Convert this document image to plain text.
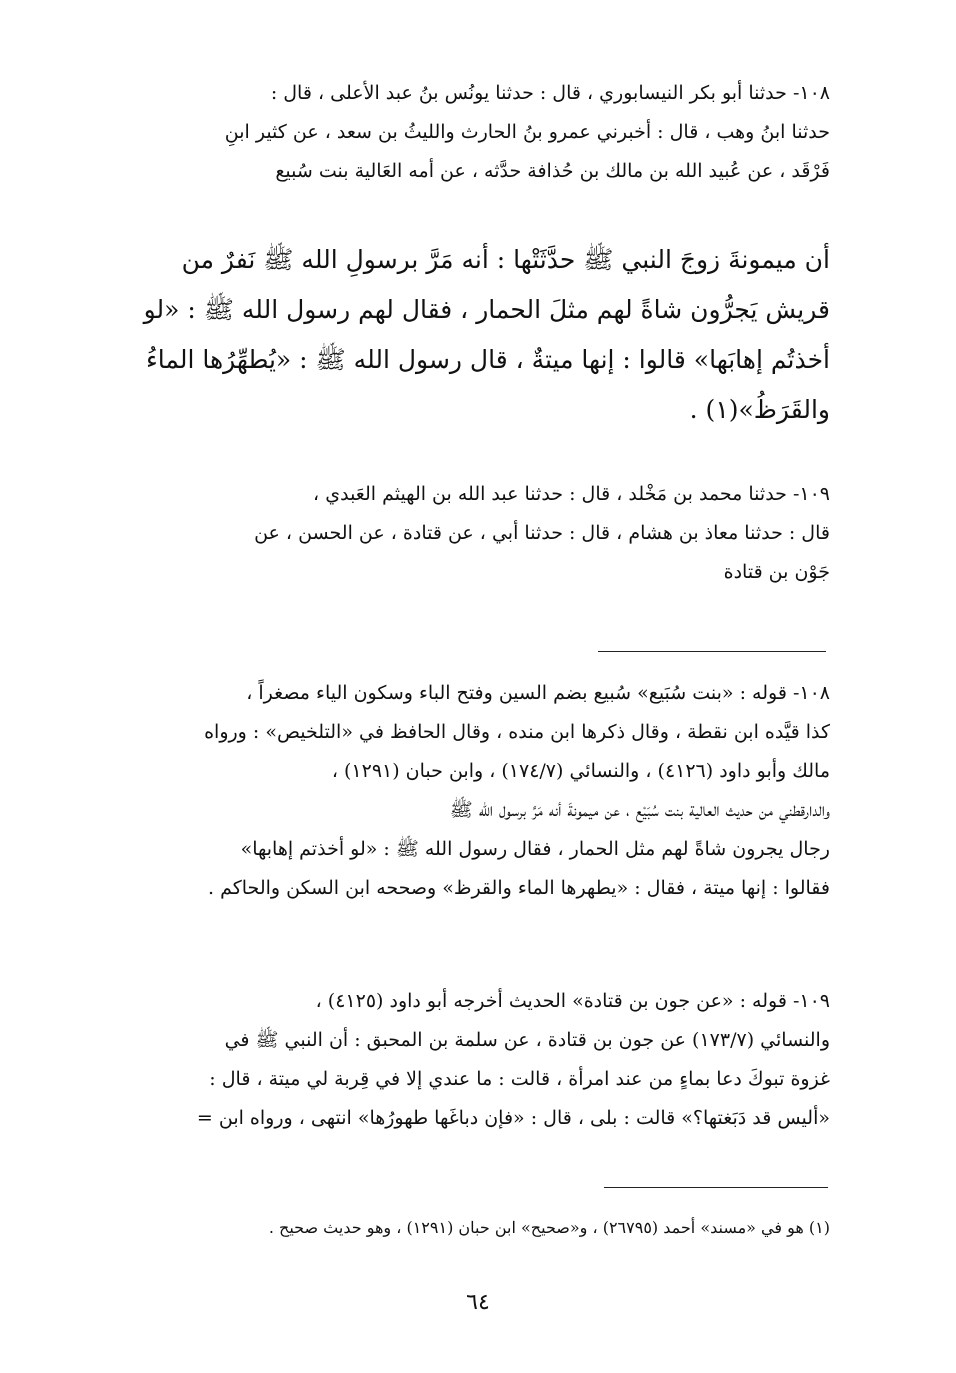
١٠٨- حدثنا أبو بكر النيسابوري ، قال : حدثنا يونُس بنُ عبد الأعلى ، قال :
حدثنا ابنُ وهب ، قال : أخبرني عمرو بنُ الحارث والليثُ بن سعد ، عن كثير ابنِ
فَرْقَد ، عن عُبيد الله بن مالك بن حُذافة حدَّثه ، عن أمه العَالية بنت سُبيع
أن ميمونةَ زوجَ النبي ﷺ حدَّثَتْها : أنه مَرَّ برسولِ الله ﷺ نَفرٌ من
قريش يَجرُّون شاةً لهم مثلَ الحمار ، فقال لهم رسول الله ﷺ : «لو
أخذتُم إهابَها» قالوا : إنها ميتةٌ ، قال رسول الله ﷺ : «يُطهِّرُها الماءُ
والقَرَظُ»(١) .
١٠٩- حدثنا محمد بن مَخْلد ، قال : حدثنا عبد الله بن الهيثم العَبدي ،
قال : حدثنا معاذ بن هشام ، قال : حدثنا أبي ، عن قتادة ، عن الحسن ، عن
جَوْن بن قتادة
١٠٨- قوله : «بنت سُبَيع» سُبيع بضم السين وفتح الباء وسكون الياء مصغراً ،
كذا قيَّده ابن نقطة ، وقال ذكرها ابن منده ، وقال الحافظ في «التلخيص» : ورواه
مالك وأبو داود (٤١٢٦) ، والنسائي (١٧٤/٧) ، وابن حبان (١٢٩١) ،
والدارقطني من حديث العالية بنت سُبَيْع ، عن ميمونةَ أنه مَرَّ برسول الله ﷺ
رجال يجرون شاةً لهم مثل الحمار ، فقال رسول الله ﷺ : «لو أخذتم إهابها»
فقالوا : إنها ميتة ، فقال : «يطهرها الماء والقرظ» وصححه ابن السكن والحاكم .
١٠٩- قوله : «عن جون بن قتادة» الحديث أخرجه أبو داود (٤١٢٥) ،
والنسائي (١٧٣/٧) عن جون بن قتادة ، عن سلمة بن المحبق : أن النبي ﷺ في
غزوة تبوكَ دعا بماءٍ من عند امرأة ، قالت : ما عندي إلا في قِربة لي ميتة ، قال :
«أليس قد دَبَغتها؟» قالت : بلى ، قال : «فإن دباغَها طهورُها» انتهى ، ورواه ابن =
(١) هو في «مسند» أحمد (٢٦٧٩٥) ، و«صحيح» ابن حبان (١٢٩١) ، وهو حديث صحيح .
٦٤
